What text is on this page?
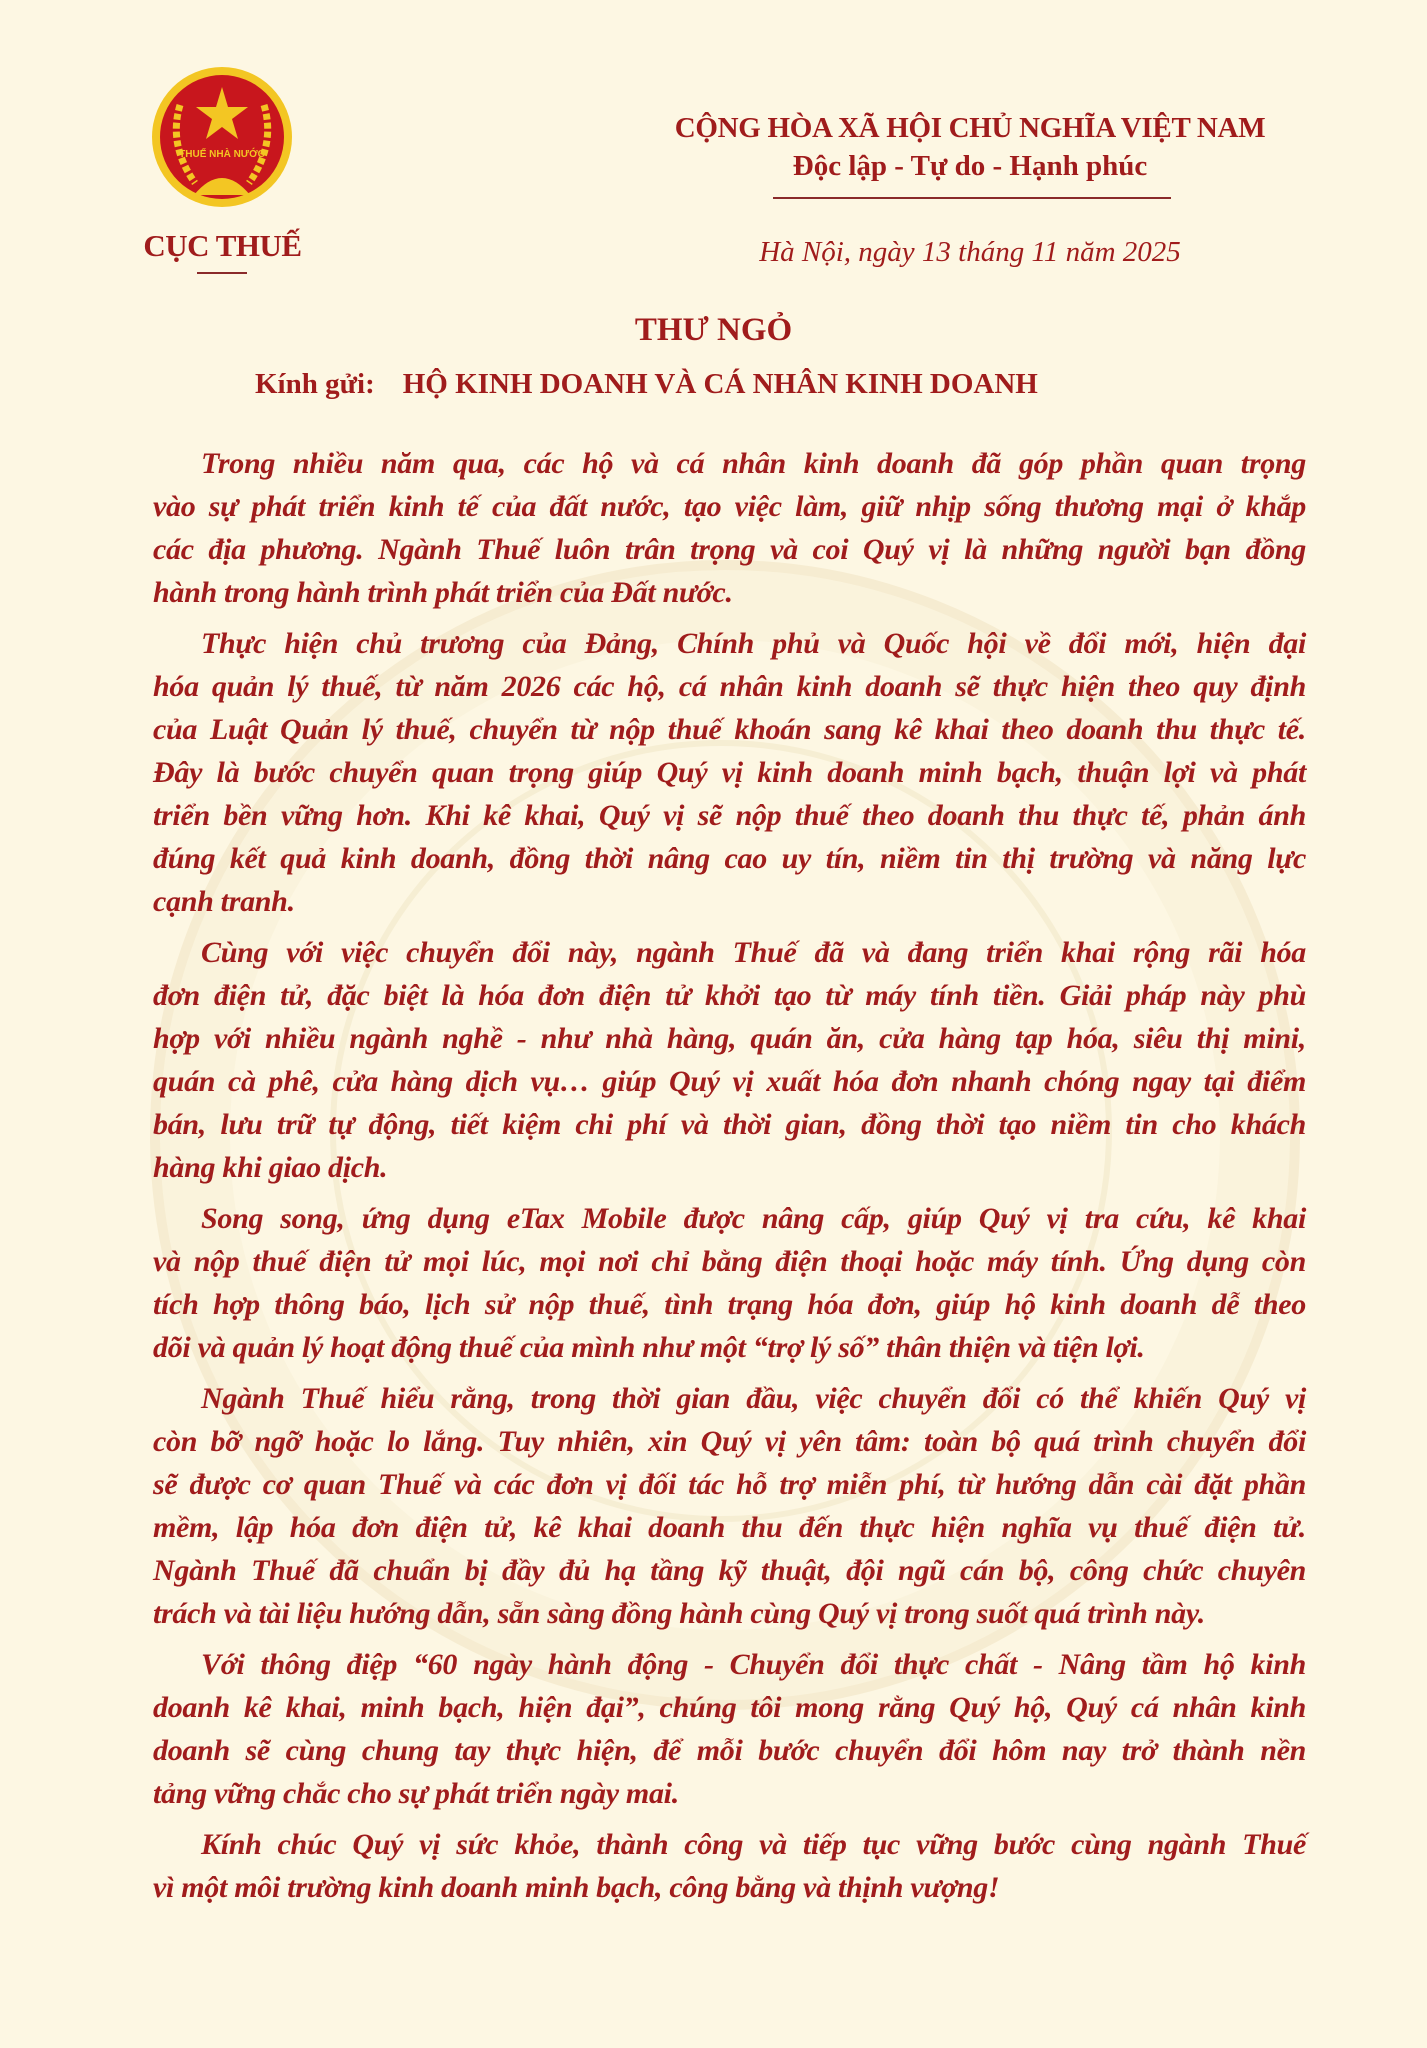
THUẾ NHÀ NƯỚC
CỤC THUẾ
CỘNG HÒA XÃ HỘI CHỦ NGHĨA VIỆT NAM
Độc lập - Tự do - Hạnh phúc
Hà Nội, ngày 13 tháng 11 năm 2025
THƯ NGỎ
Kính gửi: HỘ KINH DOANH VÀ CÁ NHÂN KINH DOANH
Trong nhiều năm qua, các hộ và cá nhân kinh doanh đã góp phần quan trọng
vào sự phát triển kinh tế của đất nước, tạo việc làm, giữ nhịp sống thương mại ở khắp
các địa phương. Ngành Thuế luôn trân trọng và coi Quý vị là những người bạn đồng
hành trong hành trình phát triển của Đất nước.
Thực hiện chủ trương của Đảng, Chính phủ và Quốc hội về đổi mới, hiện đại
hóa quản lý thuế, từ năm 2026 các hộ, cá nhân kinh doanh sẽ thực hiện theo quy định
của Luật Quản lý thuế, chuyển từ nộp thuế khoán sang kê khai theo doanh thu thực tế.
Đây là bước chuyển quan trọng giúp Quý vị kinh doanh minh bạch, thuận lợi và phát
triển bền vững hơn. Khi kê khai, Quý vị sẽ nộp thuế theo doanh thu thực tế, phản ánh
đúng kết quả kinh doanh, đồng thời nâng cao uy tín, niềm tin thị trường và năng lực
cạnh tranh.
Cùng với việc chuyển đổi này, ngành Thuế đã và đang triển khai rộng rãi hóa
đơn điện tử, đặc biệt là hóa đơn điện tử khởi tạo từ máy tính tiền. Giải pháp này phù
hợp với nhiều ngành nghề - như nhà hàng, quán ăn, cửa hàng tạp hóa, siêu thị mini,
quán cà phê, cửa hàng dịch vụ… giúp Quý vị xuất hóa đơn nhanh chóng ngay tại điểm
bán, lưu trữ tự động, tiết kiệm chi phí và thời gian, đồng thời tạo niềm tin cho khách
hàng khi giao dịch.
Song song, ứng dụng eTax Mobile được nâng cấp, giúp Quý vị tra cứu, kê khai
và nộp thuế điện tử mọi lúc, mọi nơi chỉ bằng điện thoại hoặc máy tính. Ứng dụng còn
tích hợp thông báo, lịch sử nộp thuế, tình trạng hóa đơn, giúp hộ kinh doanh dễ theo
dõi và quản lý hoạt động thuế của mình như một “trợ lý số” thân thiện và tiện lợi.
Ngành Thuế hiểu rằng, trong thời gian đầu, việc chuyển đổi có thể khiến Quý vị
còn bỡ ngỡ hoặc lo lắng. Tuy nhiên, xin Quý vị yên tâm: toàn bộ quá trình chuyển đổi
sẽ được cơ quan Thuế và các đơn vị đối tác hỗ trợ miễn phí, từ hướng dẫn cài đặt phần
mềm, lập hóa đơn điện tử, kê khai doanh thu đến thực hiện nghĩa vụ thuế điện tử.
Ngành Thuế đã chuẩn bị đầy đủ hạ tầng kỹ thuật, đội ngũ cán bộ, công chức chuyên
trách và tài liệu hướng dẫn, sẵn sàng đồng hành cùng Quý vị trong suốt quá trình này.
Với thông điệp “60 ngày hành động - Chuyển đổi thực chất - Nâng tầm hộ kinh
doanh kê khai, minh bạch, hiện đại”, chúng tôi mong rằng Quý hộ, Quý cá nhân kinh
doanh sẽ cùng chung tay thực hiện, để mỗi bước chuyển đổi hôm nay trở thành nền
tảng vững chắc cho sự phát triển ngày mai.
Kính chúc Quý vị sức khỏe, thành công và tiếp tục vững bước cùng ngành Thuế
vì một môi trường kinh doanh minh bạch, công bằng và thịnh vượng!
